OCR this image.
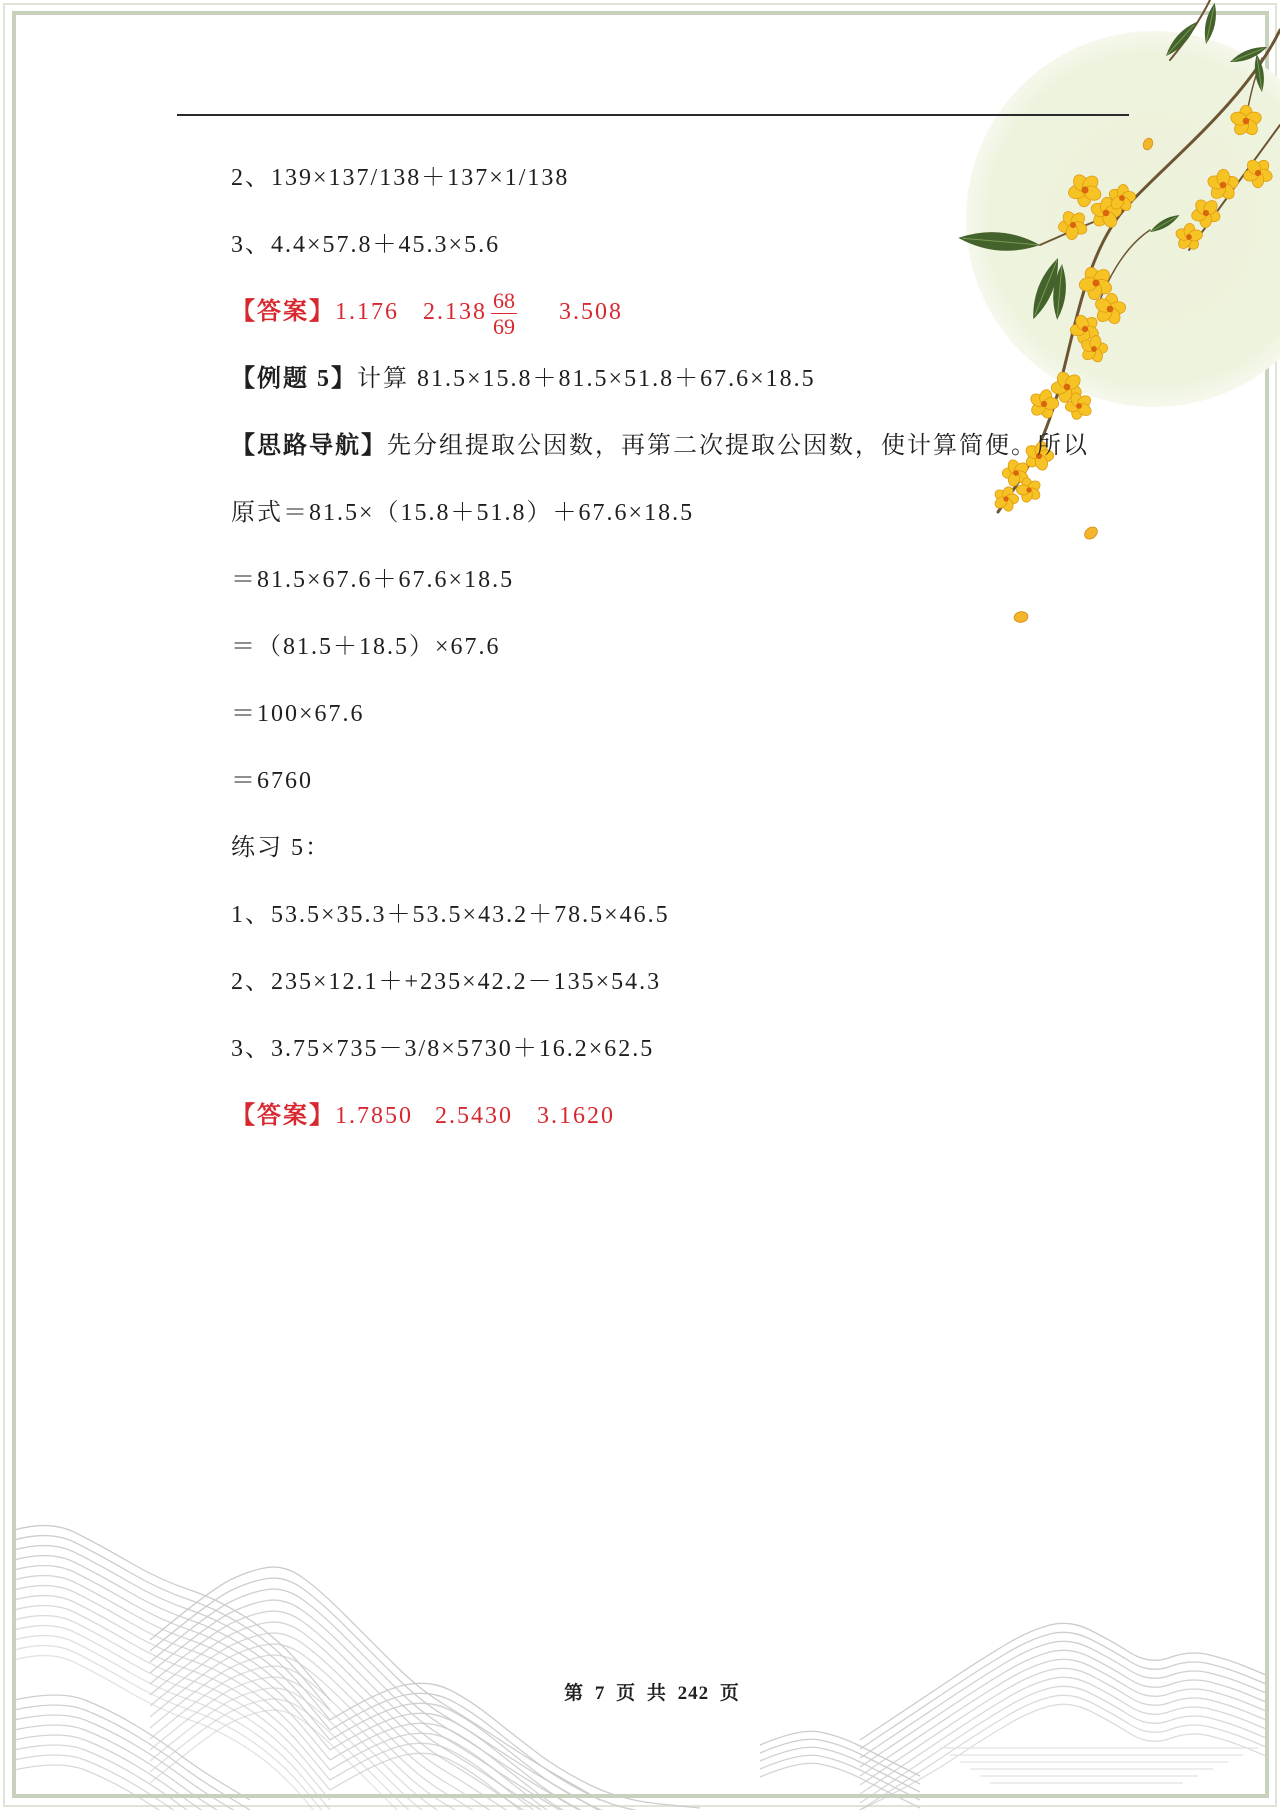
2、139×137/138＋137×1/138
3、4.4×57.8＋45.3×5.6
【答案】1.176 $2.138 \frac{68}{69} 3.508$
【例题 5】计算 81.5×15.8＋81.5×51.8＋67.6×18.5
【思路导航】先分组提取公因数，再第二次提取公因数，使计算简便。所以
原式＝81.5×（15.8＋51.8）＋67.6×18.5
＝81.5×67.6＋67.6×18.5
＝（81.5＋18.5）×67.6
＝100×67.6
＝6760
练习 5：
1、53.5×35.3＋53.5×43.2＋78.5×46.5
2、235×12.1＋+235×42.2－135×54.3
3、3.75×735－3/8×5730＋16.2×62.5
【答案】1.7850 2.5430 3.1620
第 7 页 共 242 页
